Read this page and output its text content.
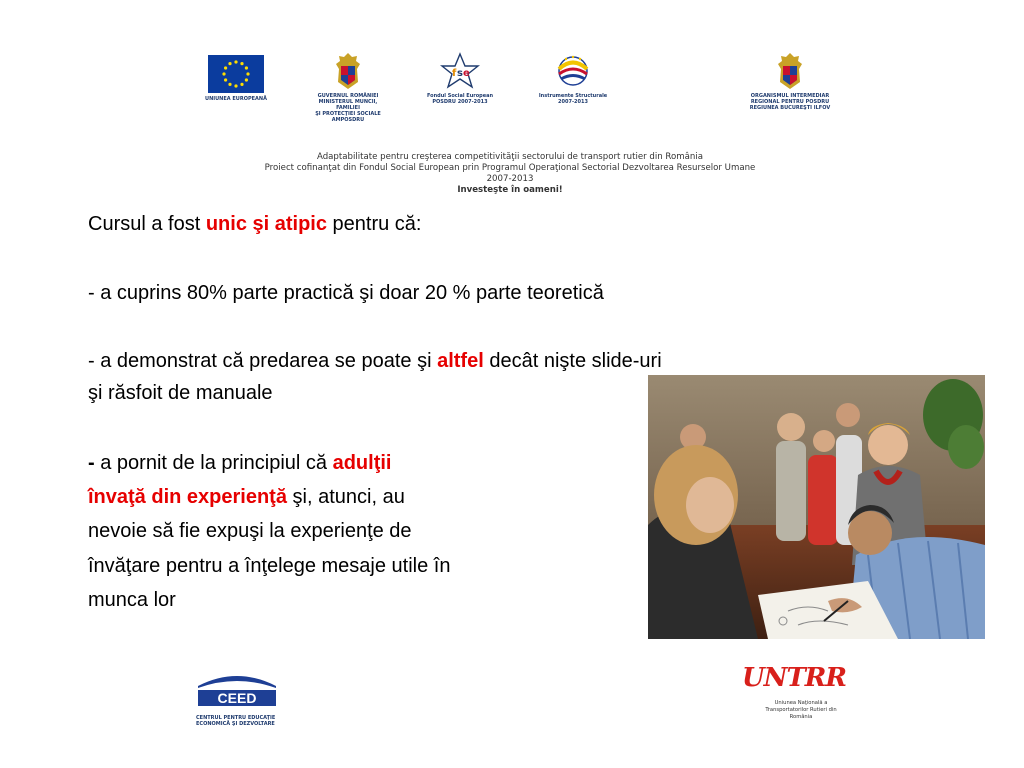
UNIUNEA EUROPEANĂ	GUVERNUL ROMÂNIEI
MINISTERUL MUNCII, FAMILIEI
ŞI PROTECŢIEI SOCIALE
AMPOSDRU
f s e
Fondul Social European
POSDRU 2007-2013
Instrumente Structurale
2007-2013
ORGANISMUL INTERMEDIAR
REGIONAL PENTRU POSDRU
REGIUNEA BUCUREŞTI ILFOV
Adaptabilitate pentru creşterea competitivităţii sectorului de transport rutier din România
Proiect cofinanţat din Fondul Social European prin Programul Operaţional Sectorial Dezvoltarea Resurselor Umane
2007-2013
Investeşte în oameni!
Cursul a fost unic şi atipic pentru că:
- a cuprins 80% parte practică şi doar 20 % parte teoretică
- a demonstrat că predarea se poate şi altfel decât nişte slide-uri
şi răsfoit de manuale
- a pornit de la principiul că adulţii
învaţă din experienţă şi, atunci, au
nevoie să fie expuşi la experienţe de
învăţare pentru a înţelege mesaje utile în
munca lor
CEED
CENTRUL PENTRU EDUCAŢIE
ECONOMICĂ ŞI DEZVOLTARE
UNTRR
Uniunea Naţională a
Transportatorilor Rutieri din
România
